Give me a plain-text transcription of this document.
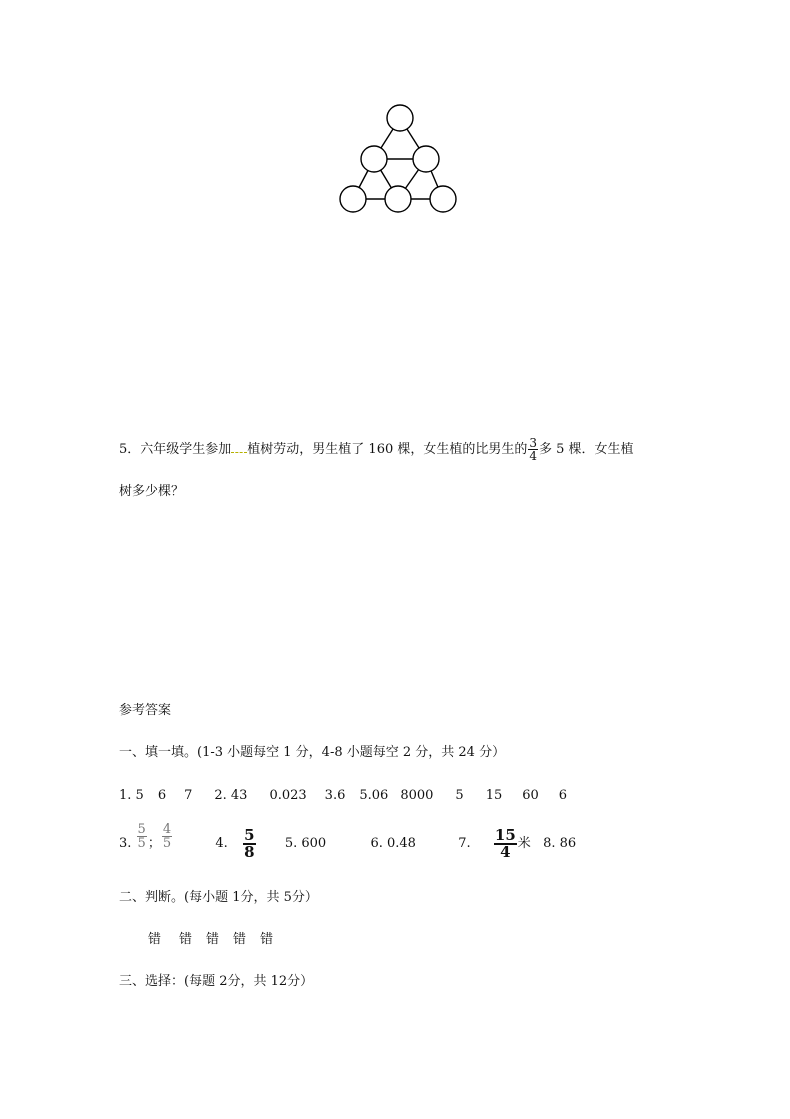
5．六年级学生参加 植树劳动，男生植了 160 棵，女生植的比男生的 $\frac{3}{4}$ 多 5 棵．女生植
树多少棵？
参考答案
一、填一填。(1-3 小题每空 1 分，4-8 小题每空 2 分，共 24 分）
1. 5 6 7 2. 43 0.023 3.6 5.06 8000 5 15 60 6
3. $\frac{5}{5}$ ； $\frac{4}{5}$	4. $\frac{5}{8} 5$. 600	6. 0.48	7. $\frac{15}{4}$ 米 8. 86
二、判断。(每小题 1分，共 5分）
错 错 错 错 错
三、选择：(每题 2分，共 12分）
